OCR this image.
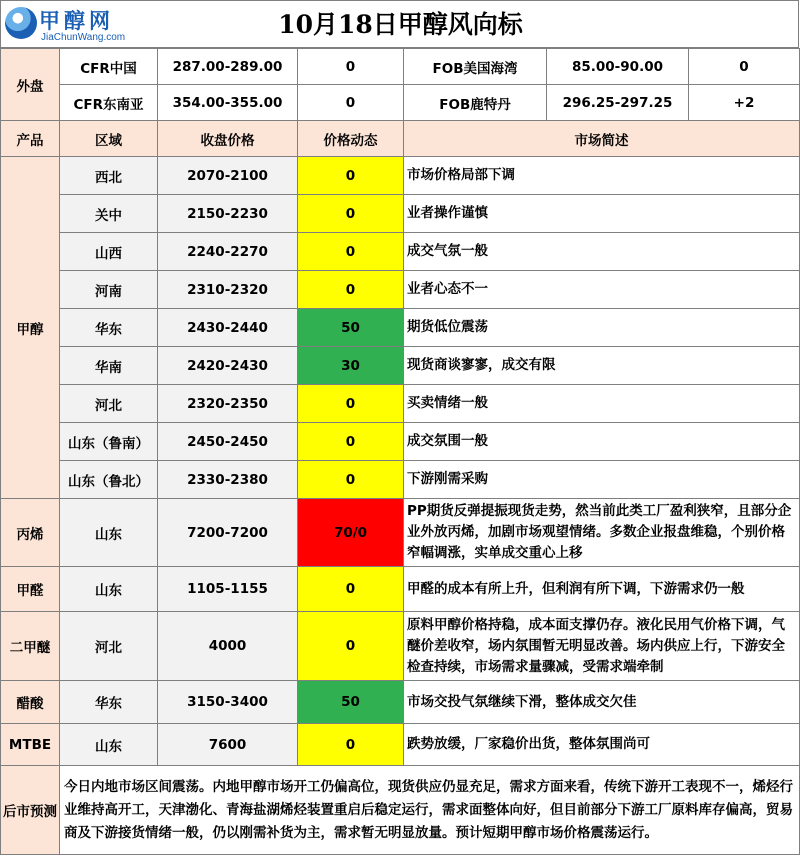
甲醇网
JiaChunWang.com	10月18日甲醇风向标
外盘	CFR中国	287.00-289.00	0	FOB美国海湾	85.00-90.00	0
	CFR东南亚	354.00-355.00	0	FOB鹿特丹	296.25-297.25	+2
产品	区域	收盘价格	价格动态	市场简述		
甲醇	西北	2070-2100	0	市场价格局部下调		
	关中	2150-2230	0	业者操作谨慎		
	山西	2240-2270	0	成交气氛一般		
	河南	2310-2320	0	业者心态不一		
	华东	2430-2440	50	期货低位震荡		
	华南	2420-2430	30	现货商谈寥寥，成交有限		
	河北	2320-2350	0	买卖情绪一般		
	山东（鲁南）	2450-2450	0	成交氛围一般		
	山东（鲁北）	2330-2380	0	下游刚需采购		
丙烯	山东	7200-7200	70/0	PP期货反弹提振现货走势，然当前此类工厂盈利狭窄，且部分企业外放丙烯，加剧市场观望情绪。多数企业报盘维稳，个别价格窄幅调涨，实单成交重心上移		
甲醛	山东	1105-1155	0	甲醛的成本有所上升，但利润有所下调，下游需求仍一般		
二甲醚	河北	4000	0	原料甲醇价格持稳，成本面支撑仍存。液化民用气价格下调，气醚价差收窄，场内氛围暂无明显改善。场内供应上行，下游安全检查持续，市场需求量骤减，受需求端牵制		
醋酸	华东	3150-3400	50	市场交投气氛继续下滑，整体成交欠佳		
MTBE	山东	7600	0	跌势放缓，厂家稳价出货，整体氛围尚可		
后市预测	今日内地市场区间震荡。内地甲醇市场开工仍偏高位，现货供应仍显充足，需求方面来看，传统下游开工表现不一，烯烃行业维持高开工，天津渤化、青海盐湖烯烃装置重启后稳定运行，需求面整体向好，但目前部分下游工厂原料库存偏高，贸易商及下游接货情绪一般，仍以刚需补货为主，需求暂无明显放量。预计短期甲醇市场价格震荡运行。					
